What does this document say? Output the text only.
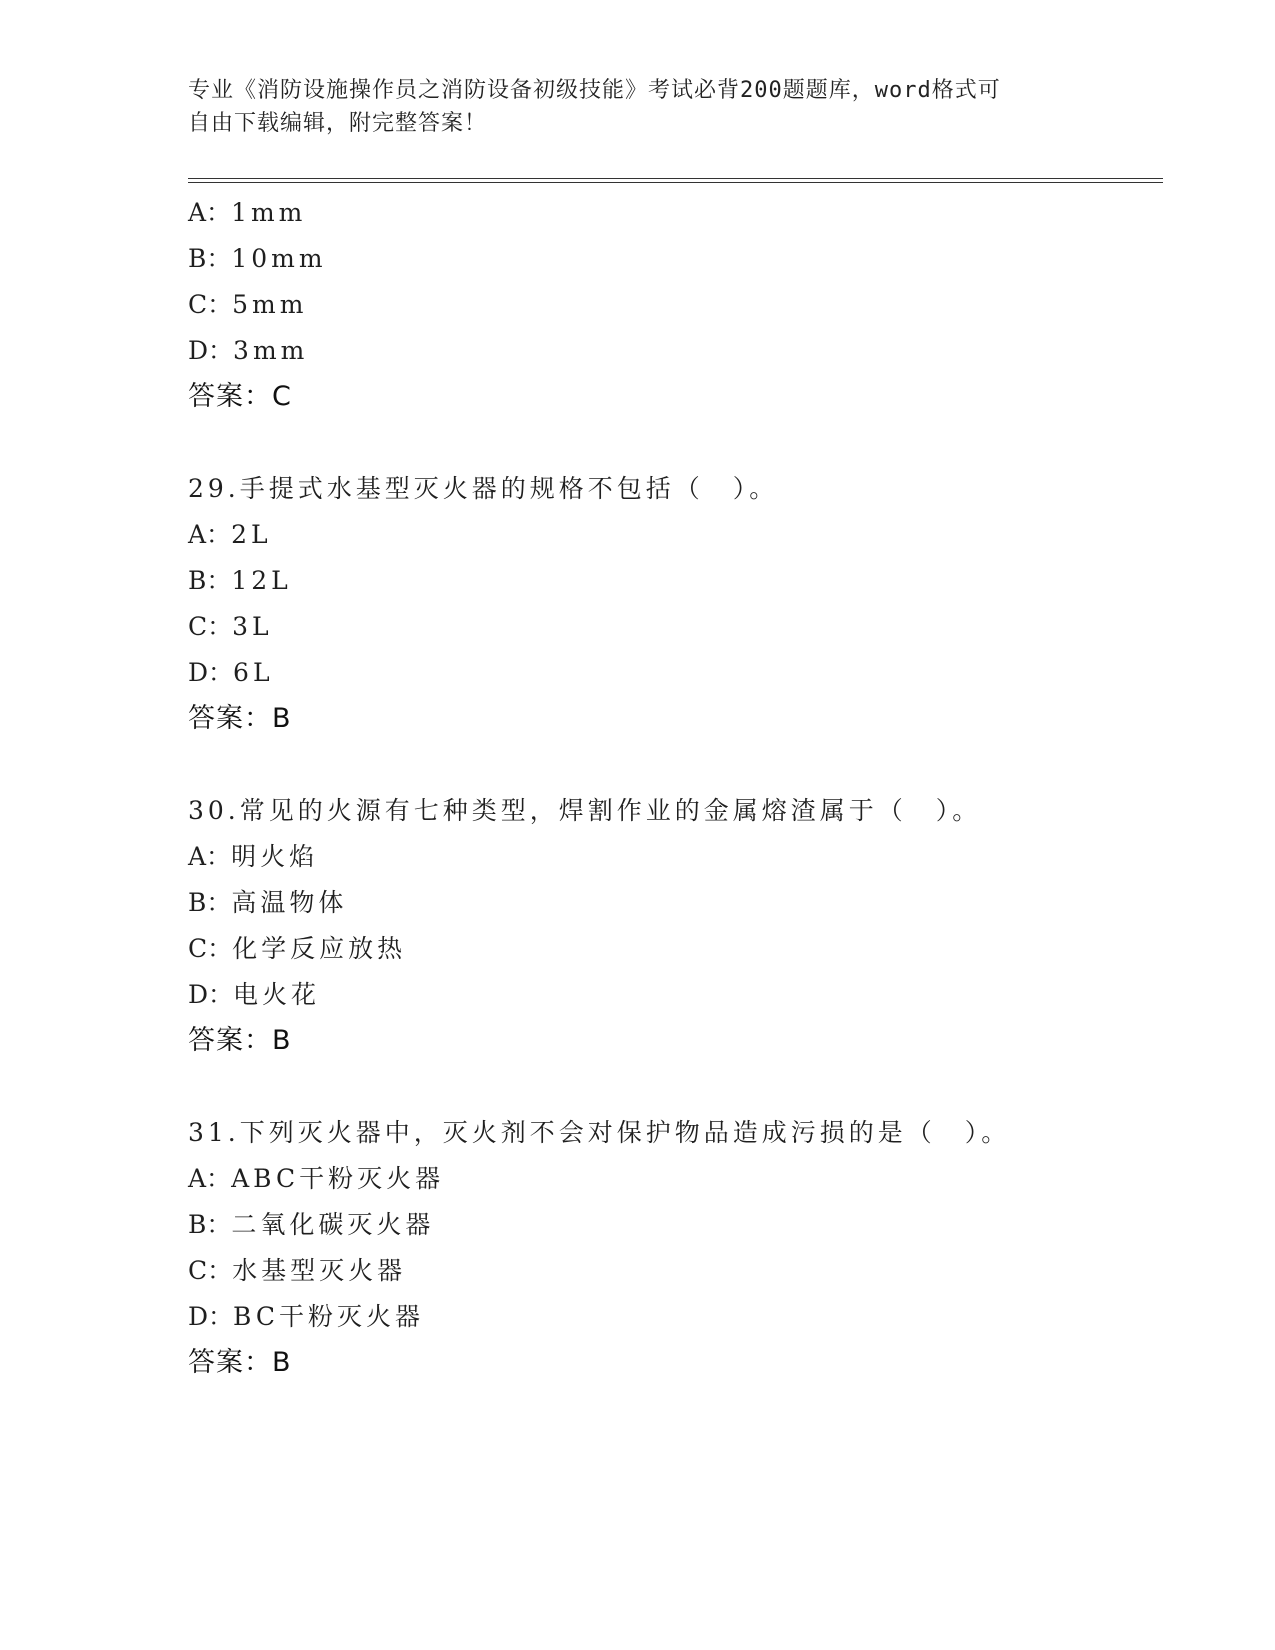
专业《消防设施操作员之消防设备初级技能》考试必背200题题库，word格式可
自由下载编辑，附完整答案！
A：1mm
B：10mm
C：5mm
D：3mm
答案：C
29.手提式水基型灭火器的规格不包括（　）。
A：2L
B：12L
C：3L
D：6L
答案：B
30.常见的火源有七种类型，焊割作业的金属熔渣属于（　）。
A：明火焰
B：高温物体
C：化学反应放热
D：电火花
答案：B
31.下列灭火器中，灭火剂不会对保护物品造成污损的是（　）。
A：ABC干粉灭火器
B：二氧化碳灭火器
C：水基型灭火器
D：BC干粉灭火器
答案：B
